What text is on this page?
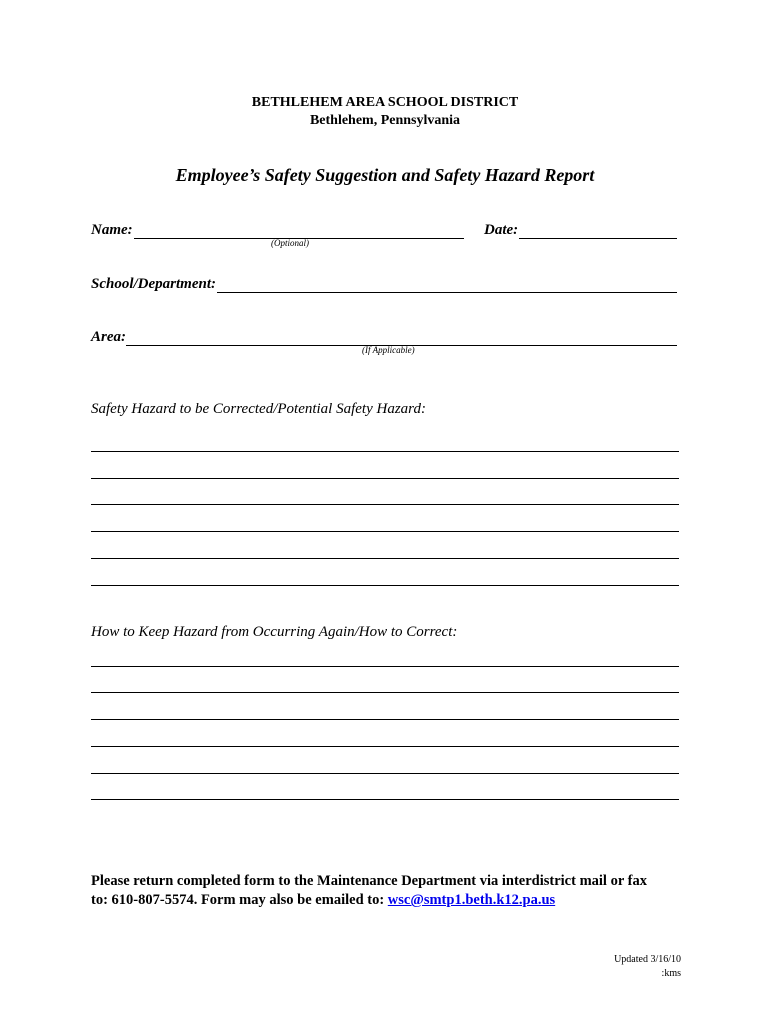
BETHLEHEM AREA SCHOOL DISTRICT
Bethlehem, Pennsylvania
Employee’s Safety Suggestion and Safety Hazard Report
Name:
(Optional)
Date:
School/Department:
Area:
(If Applicable)
Safety Hazard to be Corrected/Potential Safety Hazard:
How to Keep Hazard from Occurring Again/How to Correct:
Please return completed form to the Maintenance Department via interdistrict mail or fax
to: 610-807-5574. Form may also be emailed to: wsc@smtp1.beth.k12.pa.us
Updated 3/16/10
:kms
